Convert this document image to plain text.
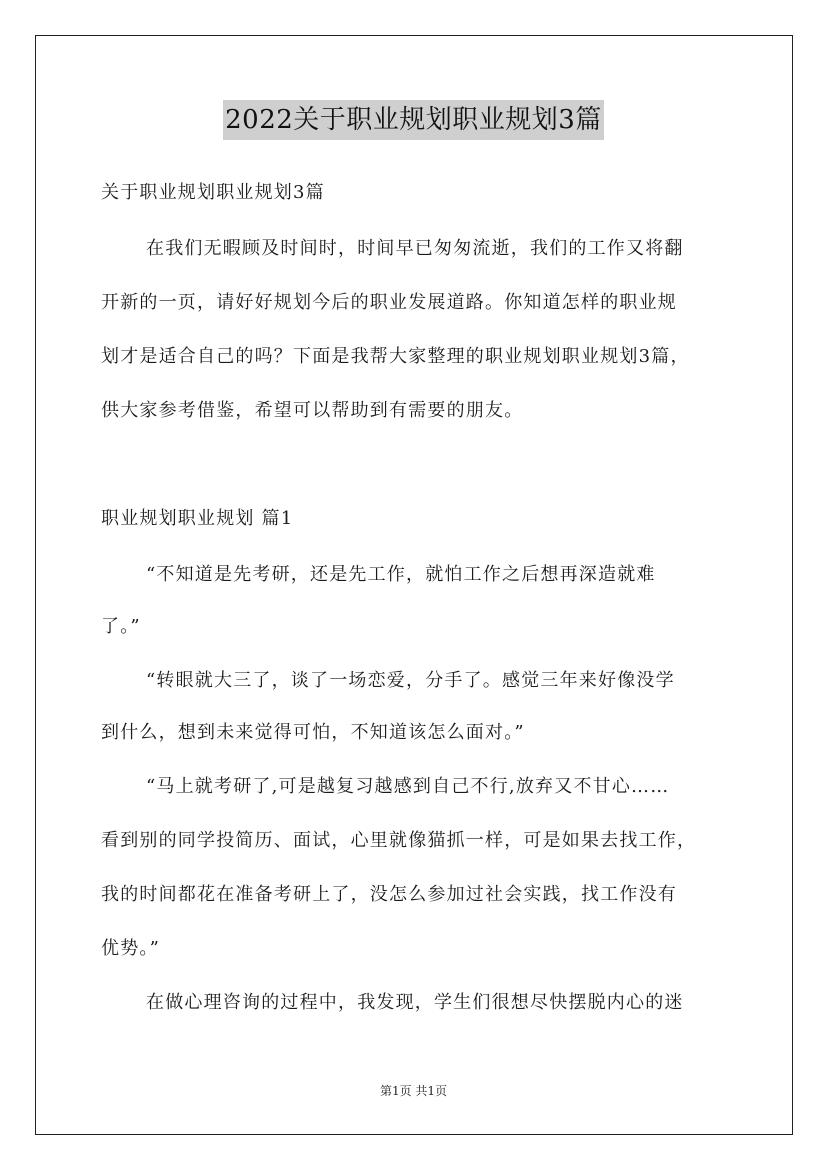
2022关于职业规划职业规划3篇
关于职业规划职业规划3篇
在我们无暇顾及时间时，时间早已匆匆流逝，我们的工作又将翻
开新的一页，请好好规划今后的职业发展道路。你知道怎样的职业规
划才是适合自己的吗？下面是我帮大家整理的职业规划职业规划3篇，
供大家参考借鉴，希望可以帮助到有需要的朋友。
职业规划职业规划 篇1
“不知道是先考研，还是先工作，就怕工作之后想再深造就难
了。”
“转眼就大三了，谈了一场恋爱，分手了。感觉三年来好像没学
到什么，想到未来觉得可怕，不知道该怎么面对。”
“马上就考研了,可是越复习越感到自己不行,放弃又不甘心……
看到别的同学投简历、面试，心里就像猫抓一样，可是如果去找工作，
我的时间都花在准备考研上了，没怎么参加过社会实践，找工作没有
优势。”
在做心理咨询的过程中，我发现，学生们很想尽快摆脱内心的迷
第1页 共1页
